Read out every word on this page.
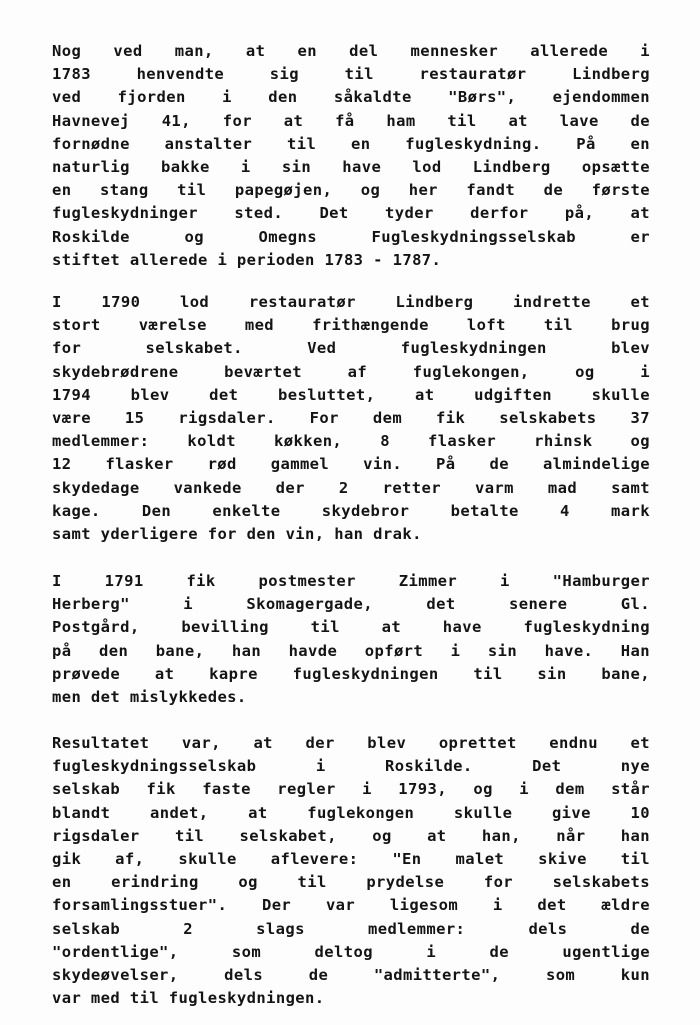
Nog ved man, at en del mennesker allerede i
1783 henvendte sig til restauratør Lindberg
ved fjorden i den såkaldte "Børs", ejendommen
Havnevej 41, for at få ham til at lave de
fornødne anstalter til en fugleskydning. På en
naturlig bakke i sin have lod Lindberg opsætte
en stang til papegøjen, og her fandt de første
fugleskydninger sted. Det tyder derfor på, at
Roskilde og Omegns Fugleskydningsselskab er
stiftet allerede i perioden 1783 - 1787.
I 1790 lod restauratør Lindberg indrette et
stort værelse med frithængende loft til brug
for selskabet. Ved fugleskydningen blev
skydebrødrene beværtet af fuglekongen, og i
1794 blev det besluttet, at udgiften skulle
være 15 rigsdaler. For dem fik selskabets 37
medlemmer: koldt køkken, 8 flasker rhinsk og
12 flasker rød gammel vin. På de almindelige
skydedage vankede der 2 retter varm mad samt
kage. Den enkelte skydebror betalte 4 mark
samt yderligere for den vin, han drak.
I 1791 fik postmester Zimmer i "Hamburger
Herberg" i Skomagergade, det senere Gl.
Postgård, bevilling til at have fugleskydning
på den bane, han havde opført i sin have. Han
prøvede at kapre fugleskydningen til sin bane,
men det mislykkedes.
Resultatet var, at der blev oprettet endnu et
fugleskydningsselskab i Roskilde. Det nye
selskab fik faste regler i 1793, og i dem står
blandt andet, at fuglekongen skulle give 10
rigsdaler til selskabet, og at han, når han
gik af, skulle aflevere: "En malet skive til
en erindring og til prydelse for selskabets
forsamlingsstuer". Der var ligesom i det ældre
selskab 2 slags medlemmer: dels de
"ordentlige", som deltog i de ugentlige
skydeøvelser, dels de "admitterte", som kun
var med til fugleskydningen.
